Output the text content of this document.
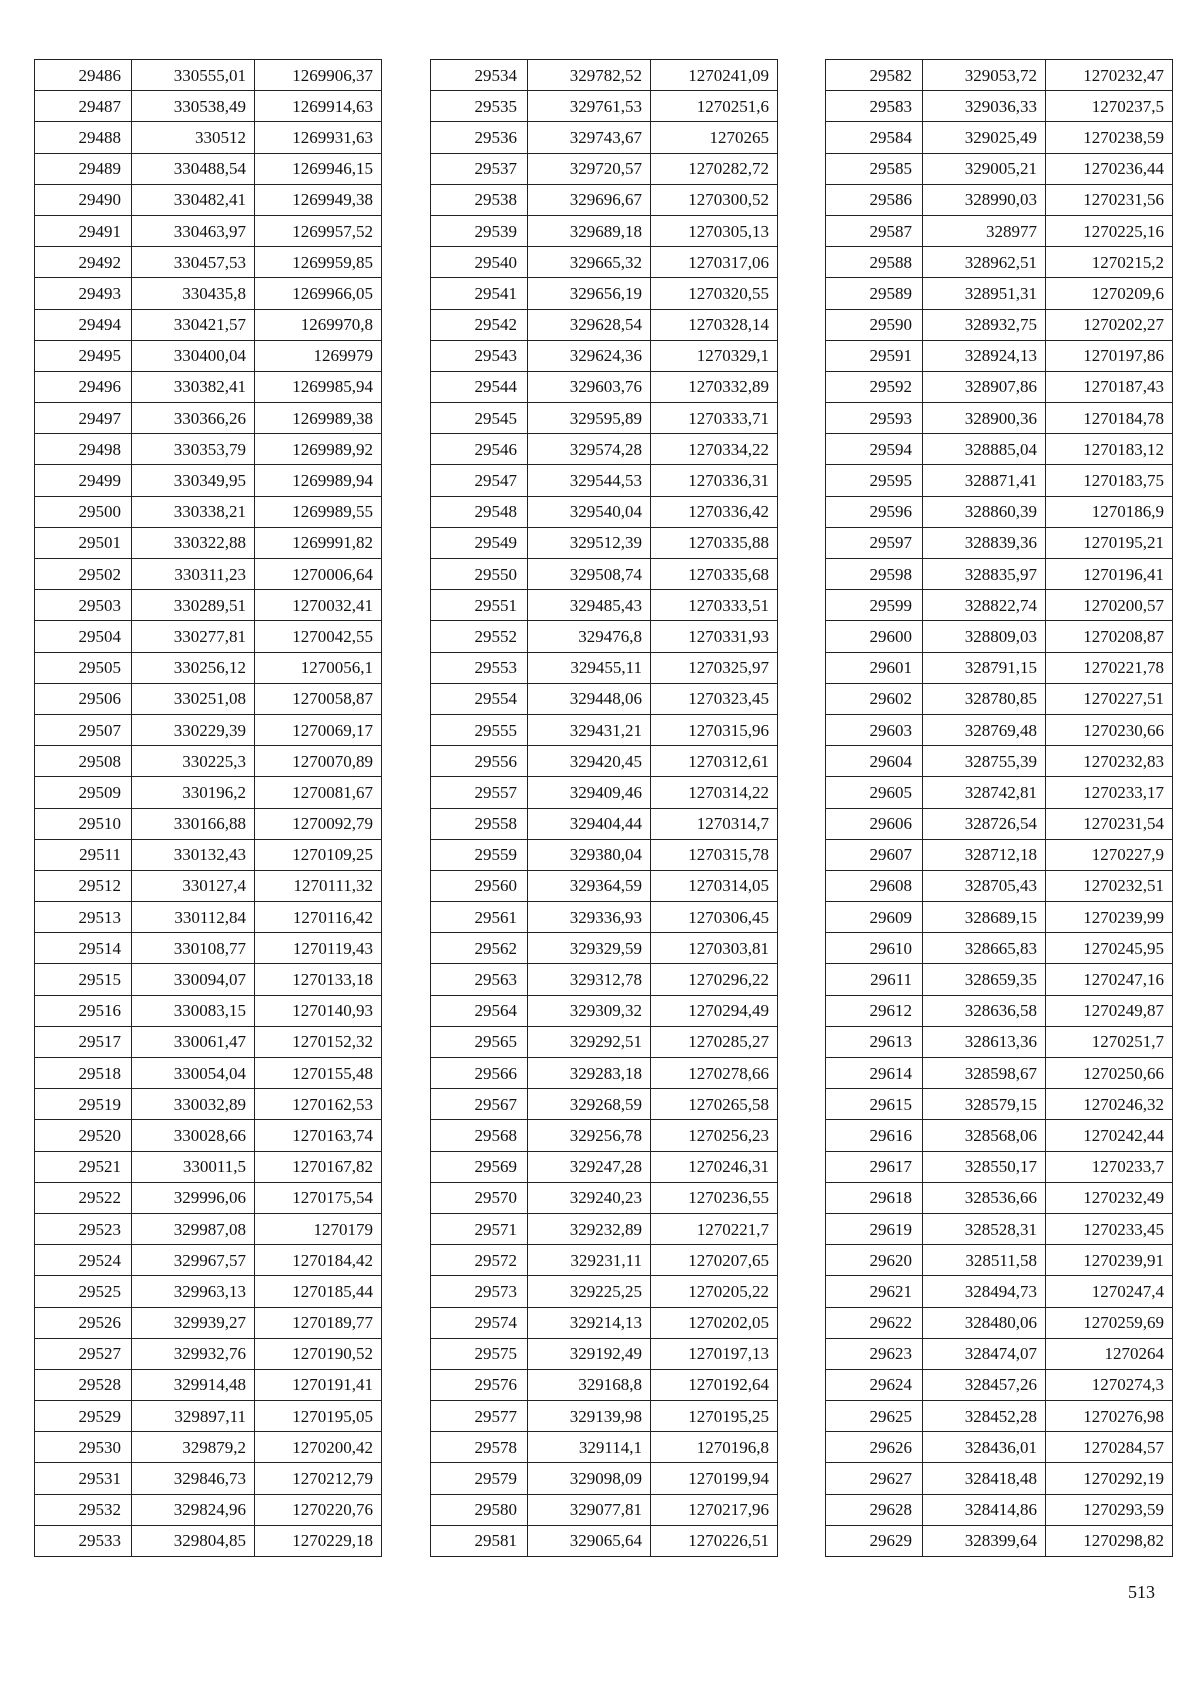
29486	330555,01	1269906,37
29487	330538,49	1269914,63
29488	330512	1269931,63
29489	330488,54	1269946,15
29490	330482,41	1269949,38
29491	330463,97	1269957,52
29492	330457,53	1269959,85
29493	330435,8	1269966,05
29494	330421,57	1269970,8
29495	330400,04	1269979
29496	330382,41	1269985,94
29497	330366,26	1269989,38
29498	330353,79	1269989,92
29499	330349,95	1269989,94
29500	330338,21	1269989,55
29501	330322,88	1269991,82
29502	330311,23	1270006,64
29503	330289,51	1270032,41
29504	330277,81	1270042,55
29505	330256,12	1270056,1
29506	330251,08	1270058,87
29507	330229,39	1270069,17
29508	330225,3	1270070,89
29509	330196,2	1270081,67
29510	330166,88	1270092,79
29511	330132,43	1270109,25
29512	330127,4	1270111,32
29513	330112,84	1270116,42
29514	330108,77	1270119,43
29515	330094,07	1270133,18
29516	330083,15	1270140,93
29517	330061,47	1270152,32
29518	330054,04	1270155,48
29519	330032,89	1270162,53
29520	330028,66	1270163,74
29521	330011,5	1270167,82
29522	329996,06	1270175,54
29523	329987,08	1270179
29524	329967,57	1270184,42
29525	329963,13	1270185,44
29526	329939,27	1270189,77
29527	329932,76	1270190,52
29528	329914,48	1270191,41
29529	329897,11	1270195,05
29530	329879,2	1270200,42
29531	329846,73	1270212,79
29532	329824,96	1270220,76
29533	329804,85	1270229,18
29534	329782,52	1270241,09
29535	329761,53	1270251,6
29536	329743,67	1270265
29537	329720,57	1270282,72
29538	329696,67	1270300,52
29539	329689,18	1270305,13
29540	329665,32	1270317,06
29541	329656,19	1270320,55
29542	329628,54	1270328,14
29543	329624,36	1270329,1
29544	329603,76	1270332,89
29545	329595,89	1270333,71
29546	329574,28	1270334,22
29547	329544,53	1270336,31
29548	329540,04	1270336,42
29549	329512,39	1270335,88
29550	329508,74	1270335,68
29551	329485,43	1270333,51
29552	329476,8	1270331,93
29553	329455,11	1270325,97
29554	329448,06	1270323,45
29555	329431,21	1270315,96
29556	329420,45	1270312,61
29557	329409,46	1270314,22
29558	329404,44	1270314,7
29559	329380,04	1270315,78
29560	329364,59	1270314,05
29561	329336,93	1270306,45
29562	329329,59	1270303,81
29563	329312,78	1270296,22
29564	329309,32	1270294,49
29565	329292,51	1270285,27
29566	329283,18	1270278,66
29567	329268,59	1270265,58
29568	329256,78	1270256,23
29569	329247,28	1270246,31
29570	329240,23	1270236,55
29571	329232,89	1270221,7
29572	329231,11	1270207,65
29573	329225,25	1270205,22
29574	329214,13	1270202,05
29575	329192,49	1270197,13
29576	329168,8	1270192,64
29577	329139,98	1270195,25
29578	329114,1	1270196,8
29579	329098,09	1270199,94
29580	329077,81	1270217,96
29581	329065,64	1270226,51
29582	329053,72	1270232,47
29583	329036,33	1270237,5
29584	329025,49	1270238,59
29585	329005,21	1270236,44
29586	328990,03	1270231,56
29587	328977	1270225,16
29588	328962,51	1270215,2
29589	328951,31	1270209,6
29590	328932,75	1270202,27
29591	328924,13	1270197,86
29592	328907,86	1270187,43
29593	328900,36	1270184,78
29594	328885,04	1270183,12
29595	328871,41	1270183,75
29596	328860,39	1270186,9
29597	328839,36	1270195,21
29598	328835,97	1270196,41
29599	328822,74	1270200,57
29600	328809,03	1270208,87
29601	328791,15	1270221,78
29602	328780,85	1270227,51
29603	328769,48	1270230,66
29604	328755,39	1270232,83
29605	328742,81	1270233,17
29606	328726,54	1270231,54
29607	328712,18	1270227,9
29608	328705,43	1270232,51
29609	328689,15	1270239,99
29610	328665,83	1270245,95
29611	328659,35	1270247,16
29612	328636,58	1270249,87
29613	328613,36	1270251,7
29614	328598,67	1270250,66
29615	328579,15	1270246,32
29616	328568,06	1270242,44
29617	328550,17	1270233,7
29618	328536,66	1270232,49
29619	328528,31	1270233,45
29620	328511,58	1270239,91
29621	328494,73	1270247,4
29622	328480,06	1270259,69
29623	328474,07	1270264
29624	328457,26	1270274,3
29625	328452,28	1270276,98
29626	328436,01	1270284,57
29627	328418,48	1270292,19
29628	328414,86	1270293,59
29629	328399,64	1270298,82
513
